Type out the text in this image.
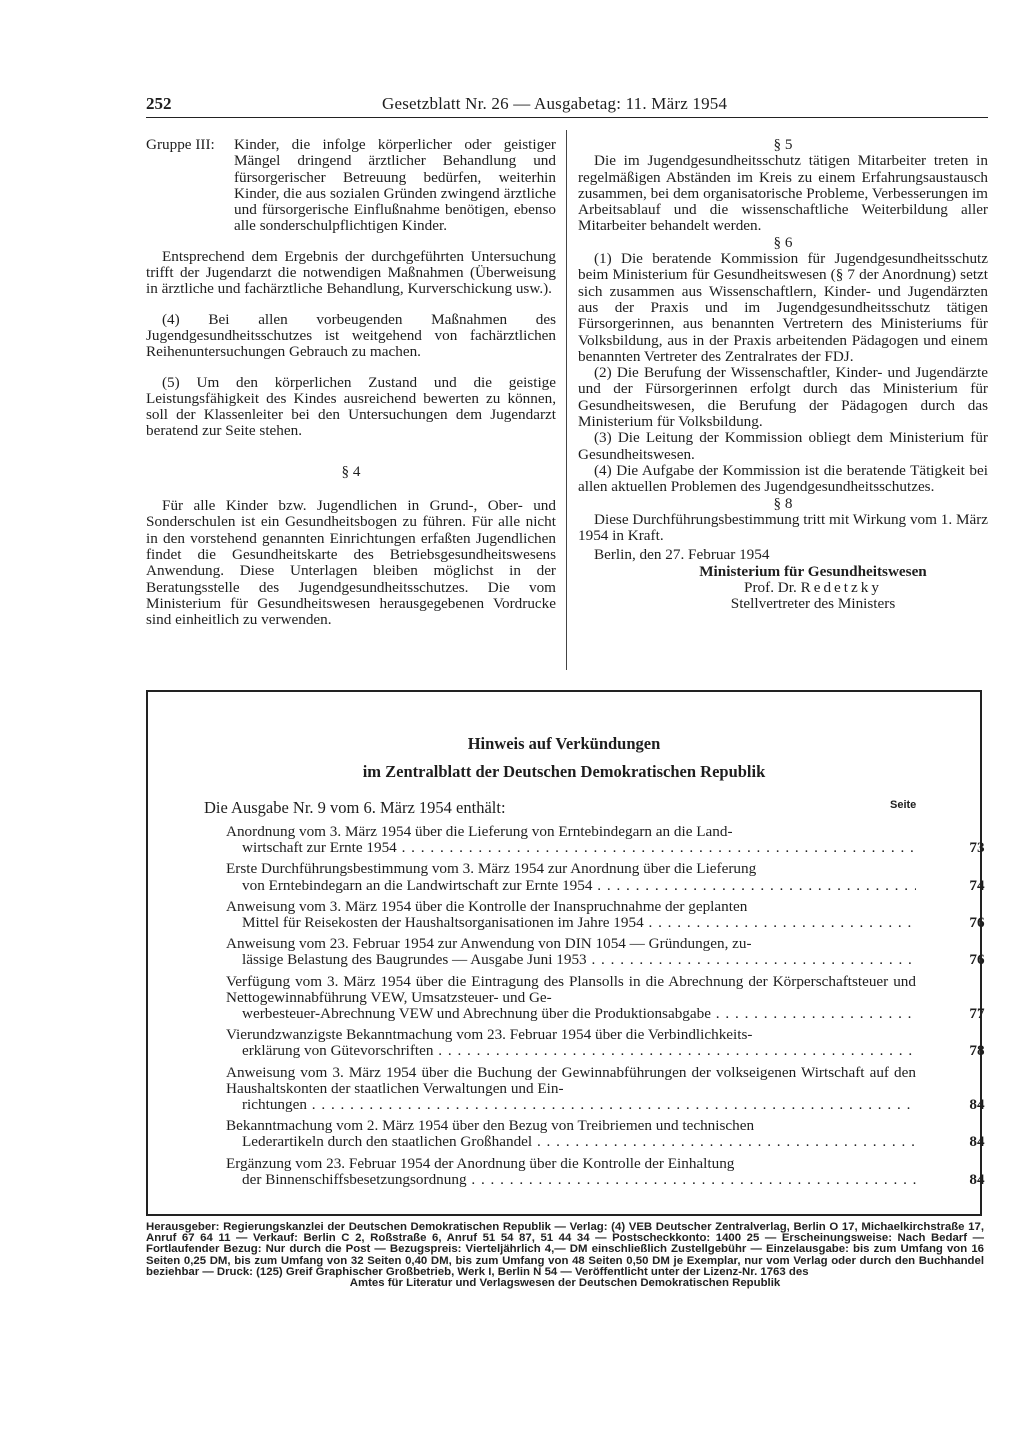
252	Gesetzblatt Nr. 26 — Ausgabetag: 11. März 1954
Gruppe III:	Kinder, die infolge körperlicher oder geistiger Mängel dringend ärztlicher Behandlung und fürsorgerischer Betreuung bedürfen, weiterhin Kinder, die aus sozialen Gründen zwingend ärztliche und fürsorgerische Einflußnahme benötigen, ebenso alle sonderschulpflichtigen Kinder.

Entsprechend dem Ergebnis der durchgeführten Untersuchung trifft der Jugendarzt die notwendigen Maßnahmen (Überweisung in ärztliche und fachärztliche Behandlung, Kurverschickung usw.).

(4) Bei allen vorbeugenden Maßnahmen des Jugendgesundheitsschutzes ist weitgehend von fachärztlichen Reihenuntersuchungen Gebrauch zu machen.

(5) Um den körperlichen Zustand und die geistige Leistungsfähigkeit des Kindes ausreichend bewerten zu können, soll der Klassenleiter bei den Untersuchungen dem Jugendarzt beratend zur Seite stehen.

§ 4

Für alle Kinder bzw. Jugendlichen in Grund-, Ober- und Sonderschulen ist ein Gesundheitsbogen zu führen. Für alle nicht in den vorstehend genannten Einrichtungen erfaßten Jugendlichen findet die Gesundheitskarte des Betriebsgesundheitswesens Anwendung. Diese Unterlagen bleiben möglichst in der Beratungsstelle des Jugendgesundheitsschutzes. Die vom Ministerium für Gesundheitswesen herausgegebenen Vordrucke sind einheitlich zu verwenden.

§ 5

Die im Jugendgesundheitsschutz tätigen Mitarbeiter treten in regelmäßigen Abständen im Kreis zu einem Erfahrungsaustausch zusammen, bei dem organisatorische Probleme, Verbesserungen im Arbeitsablauf und die wissenschaftliche Weiterbildung aller Mitarbeiter behandelt werden.

§ 6

(1) Die beratende Kommission für Jugendgesundheitsschutz beim Ministerium für Gesundheitswesen (§ 7 der Anordnung) setzt sich zusammen aus Wissenschaftlern, Kinder- und Jugendärzten aus der Praxis und im Jugendgesundheitsschutz tätigen Fürsorgerinnen, aus benannten Vertretern des Ministeriums für Volksbildung, aus in der Praxis arbeitenden Pädagogen und einem benannten Vertreter des Zentralrates der FDJ.

(2) Die Berufung der Wissenschaftler, Kinder- und Jugendärzte und der Fürsorgerinnen erfolgt durch das Ministerium für Gesundheitswesen, die Berufung der Pädagogen durch das Ministerium für Volksbildung.

(3) Die Leitung der Kommission obliegt dem Ministerium für Gesundheitswesen.

(4) Die Aufgabe der Kommission ist die beratende Tätigkeit bei allen aktuellen Problemen des Jugendgesundheitsschutzes.

§ 8

Diese Durchführungsbestimmung tritt mit Wirkung vom 1. März 1954 in Kraft.

Berlin, den 27. Februar 1954

Ministerium für Gesundheitswesen

Prof. Dr. Redetzky

Stellvertreter des Ministers

Hinweis auf Verkündungen
im Zentralblatt der Deutschen Demokratischen Republik
Die Ausgabe Nr. 9 vom 6. März 1954 enthält:	Seite
Anordnung vom 3. März 1954 über die Lieferung von Erntebindegarn an die Land-
wirtschaft zur Ernte 1954 . . .	73
Erste Durchführungsbestimmung vom 3. März 1954 zur Anordnung über die Lieferung
von Erntebindegarn an die Landwirtschaft zur Ernte 1954 . . .	74
Anweisung vom 3. März 1954 über die Kontrolle der Inanspruchnahme der geplanten
Mittel für Reisekosten der Haushaltsorganisationen im Jahre 1954 . . .	76
Anweisung vom 23. Februar 1954 zur Anwendung von DIN 1054 — Gründungen, zu-
lässige Belastung des Baugrundes — Ausgabe Juni 1953 . . .	76
Verfügung vom 3. März 1954 über die Eintragung des Plansolls in die Abrechnung der Körperschaftsteuer und Nettogewinnabführung VEW, Umsatzsteuer- und Ge-
werbesteuer-Abrechnung VEW und Abrechnung über die Produktionsabgabe . . .	77
Vierundzwanzigste Bekanntmachung vom 23. Februar 1954 über die Verbindlichkeits-
erklärung von Gütevorschriften . . .	78
Anweisung vom 3. März 1954 über die Buchung der Gewinnabführungen der volkseigenen Wirtschaft auf den Haushaltskonten der staatlichen Verwaltungen und Ein-
richtungen . . .	84
Bekanntmachung vom 2. März 1954 über den Bezug von Treibriemen und technischen
Lederartikeln durch den staatlichen Großhandel . . .	84
Ergänzung vom 23. Februar 1954 der Anordnung über die Kontrolle der Einhaltung
der Binnenschiffsbesetzungsordnung . . .	84

Herausgeber: Regierungskanzlei der Deutschen Demokratischen Republik — Verlag: (4) VEB Deutscher Zentralverlag, Berlin O 17, Michaelkirchstraße 17, Anruf 67 64 11 — Verkauf: Berlin C 2, Roßstraße 6, Anruf 51 54 87, 51 44 34 — Postscheckkonto: 1400 25 — Erscheinungsweise: Nach Bedarf — Fortlaufender Bezug: Nur durch die Post — Bezugspreis: Vierteljährlich 4,— DM einschließlich Zustellgebühr — Einzelausgabe: bis zum Umfang von 16 Seiten 0,25 DM, bis zum Umfang von 32 Seiten 0,40 DM, bis zum Umfang von 48 Seiten 0,50 DM je Exemplar, nur vom Verlag oder durch den Buchhandel beziehbar — Druck: (125) Greif Graphischer Großbetrieb, Werk I, Berlin N 54 — Veröffentlicht unter der Lizenz-Nr. 1763 des

Amtes für Literatur und Verlagswesen der Deutschen Demokratischen Republik
